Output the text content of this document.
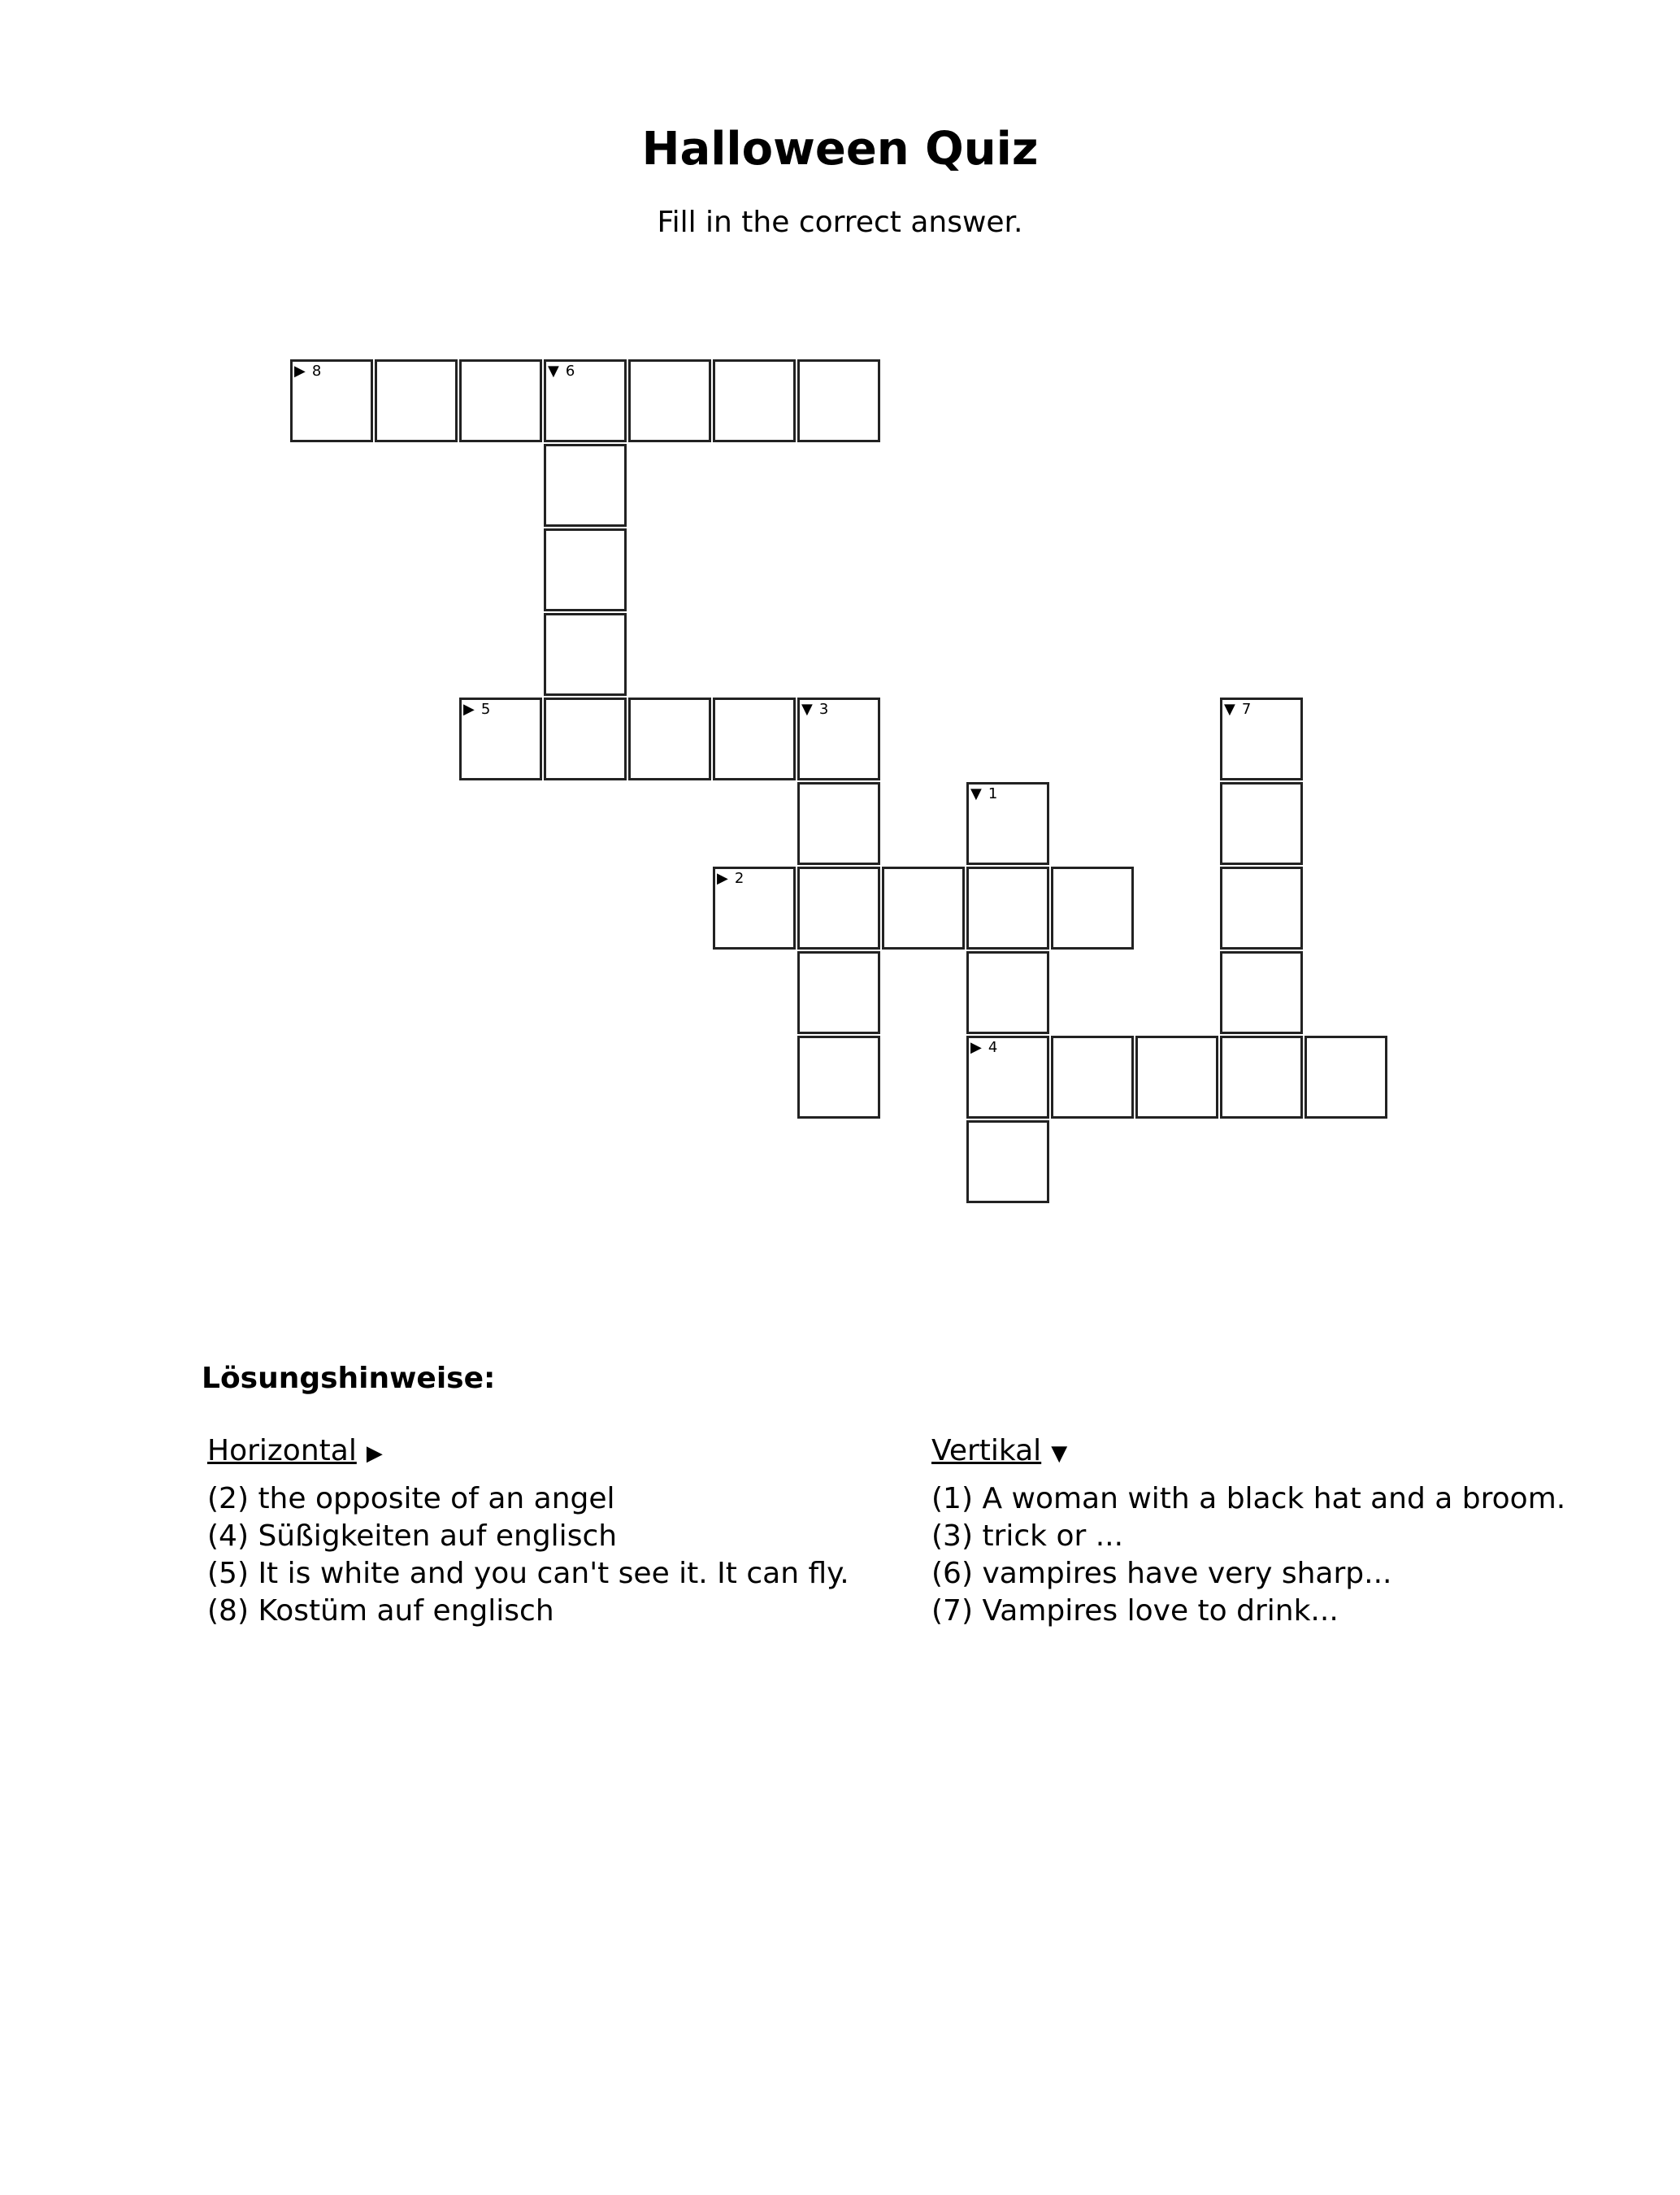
Halloween Quiz
Fill in the correct answer.
▶ 8	▼ 6
▶ 5	▼ 3	▼ 7
▼ 1
▶ 2
▶ 4
Lösungshinweise:
Horizontal ▶
(2) the opposite of an angel
(4) Süßigkeiten auf englisch
(5) It is white and you can't see it. It can fly.
(8) Kostüm auf englisch
Vertikal ▼
(1) A woman with a black hat and a broom.
(3) trick or ...
(6) vampires have very sharp...
(7) Vampires love to drink...
